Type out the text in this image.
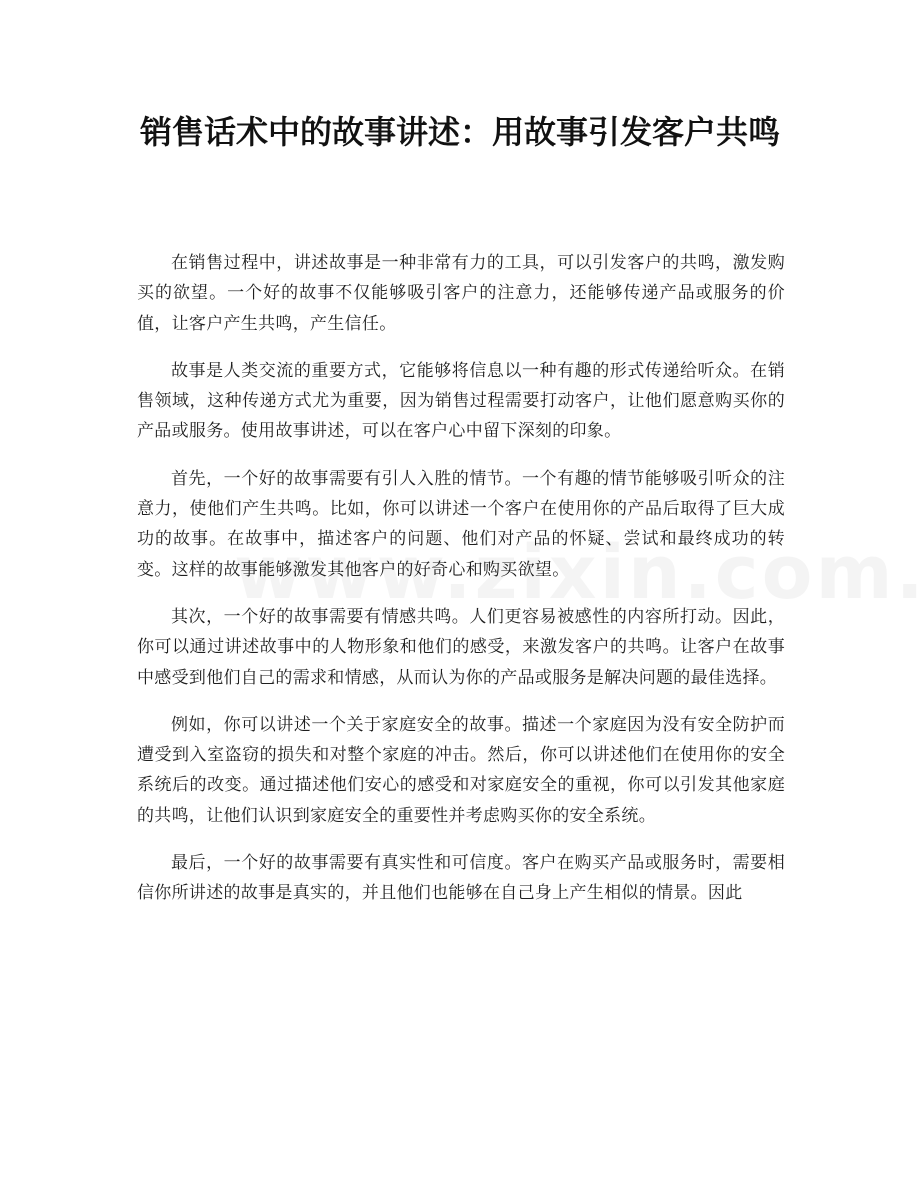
销售话术中的故事讲述：用故事引发客户共鸣

在销售过程中，讲述故事是一种非常有力的工具，可以引发客户的共鸣，激发购买的欲望。一个好的故事不仅能够吸引客户的注意力，还能够传递产品或服务的价值，让客户产生共鸣，产生信任。

故事是人类交流的重要方式，它能够将信息以一种有趣的形式传递给听众。在销售领域，这种传递方式尤为重要，因为销售过程需要打动客户，让他们愿意购买你的产品或服务。使用故事讲述，可以在客户心中留下深刻的印象。

首先，一个好的故事需要有引人入胜的情节。一个有趣的情节能够吸引听众的注意力，使他们产生共鸣。比如，你可以讲述一个客户在使用你的产品后取得了巨大成功的故事。在故事中，描述客户的问题、他们对产品的怀疑、尝试和最终成功的转变。这样的故事能够激发其他客户的好奇心和购买欲望。

其次，一个好的故事需要有情感共鸣。人们更容易被感性的内容所打动。因此，你可以通过讲述故事中的人物形象和他们的感受，来激发客户的共鸣。让客户在故事中感受到他们自己的需求和情感，从而认为你的产品或服务是解决问题的最佳选择。

例如，你可以讲述一个关于家庭安全的故事。描述一个家庭因为没有安全防护而遭受到入室盗窃的损失和对整个家庭的冲击。然后，你可以讲述他们在使用你的安全系统后的改变。通过描述他们安心的感受和对家庭安全的重视，你可以引发其他家庭的共鸣，让他们认识到家庭安全的重要性并考虑购买你的安全系统。

最后，一个好的故事需要有真实性和可信度。客户在购买产品或服务时，需要相信你所讲述的故事是真实的，并且他们也能够在自己身上产生相似的情景。因此
